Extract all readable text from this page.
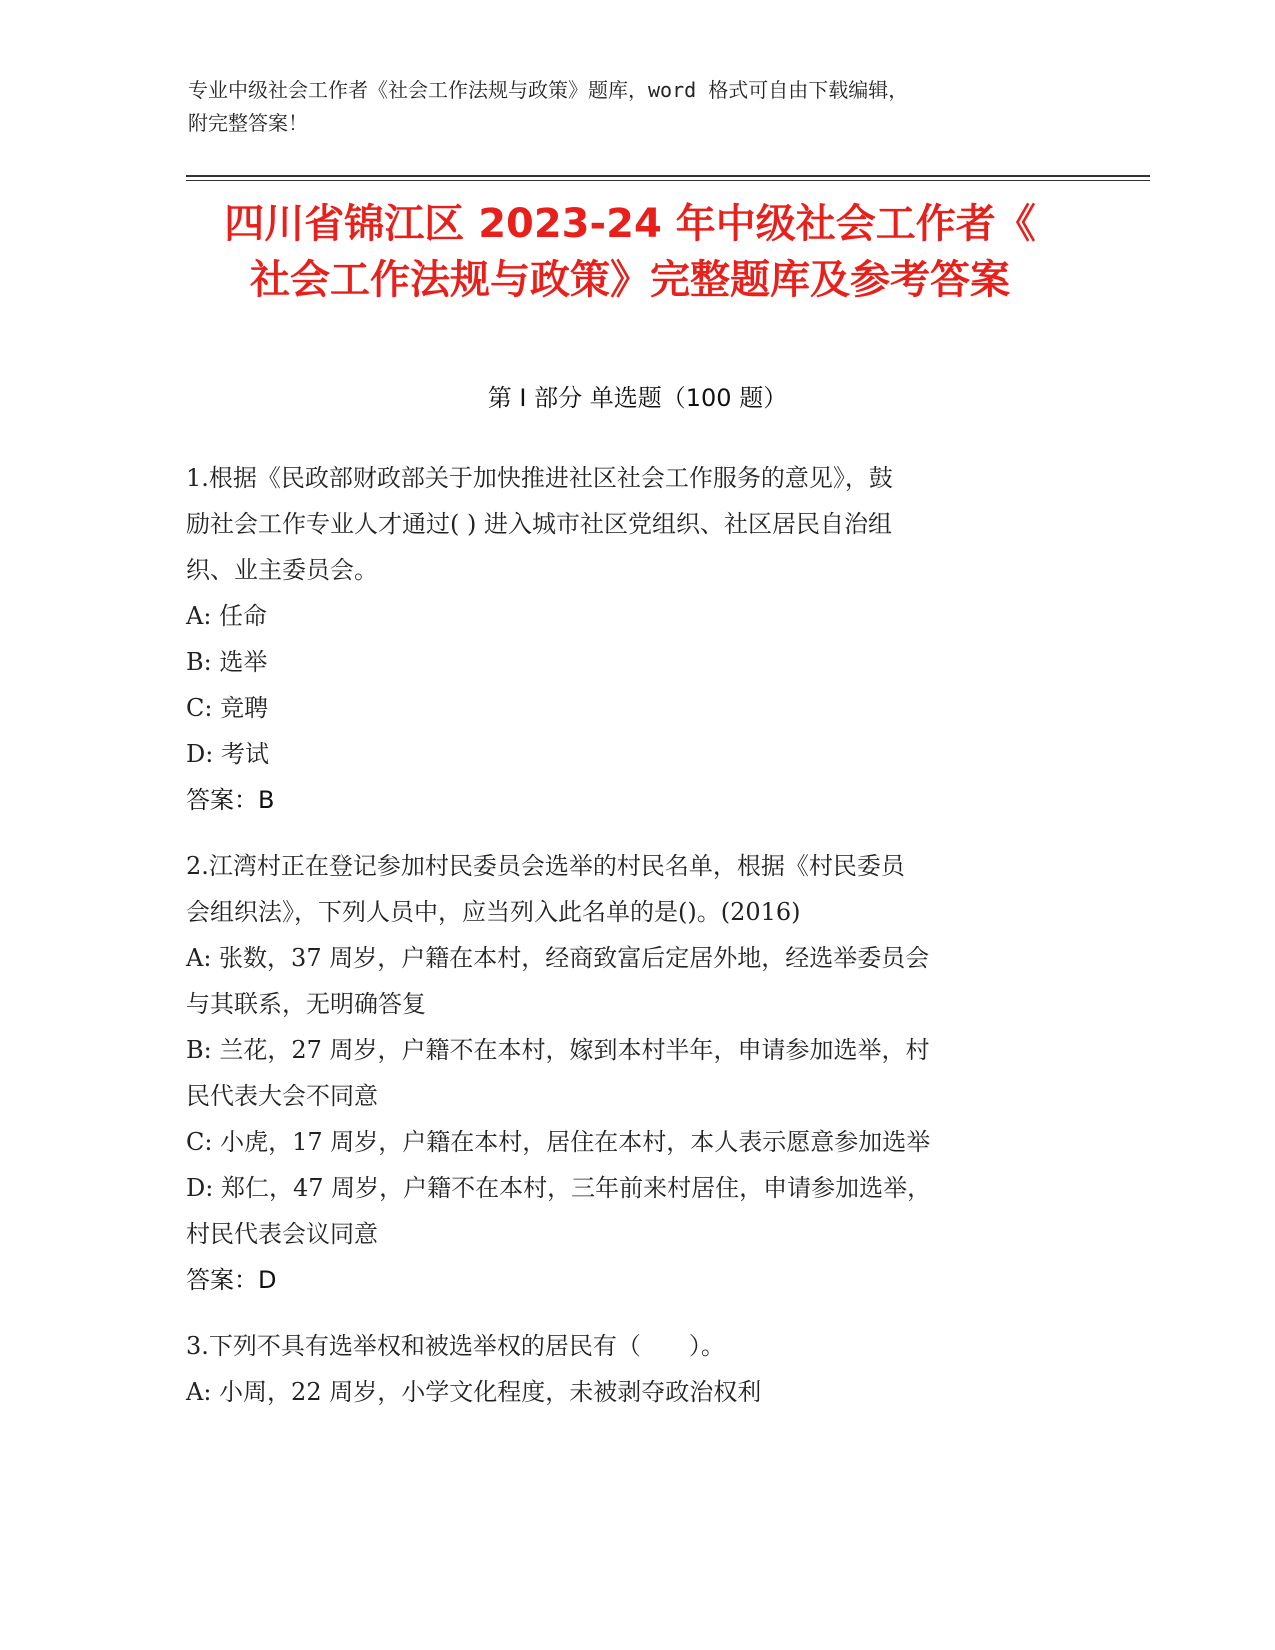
专业中级社会工作者《社会工作法规与政策》题库，word 格式可自由下载编辑，
附完整答案！
四川省锦江区 2023-24 年中级社会工作者《
社会工作法规与政策》完整题库及参考答案
第 I 部分 单选题（100 题）
1.根据《民政部财政部关于加快推进社区社会工作服务的意见》，鼓
励社会工作专业人才通过( ) 进入城市社区党组织、社区居民自治组
织、业主委员会。
A: 任命
B: 选举
C: 竞聘
D: 考试
答案：B
2.江湾村正在登记参加村民委员会选举的村民名单，根据《村民委员
会组织法》，下列人员中，应当列入此名单的是()。(2016)
A: 张数，37 周岁，户籍在本村，经商致富后定居外地，经选举委员会
与其联系，无明确答复
B: 兰花，27 周岁，户籍不在本村，嫁到本村半年，申请参加选举，村
民代表大会不同意
C: 小虎，17 周岁，户籍在本村，居住在本村，本人表示愿意参加选举
D: 郑仁，47 周岁，户籍不在本村，三年前来村居住，申请参加选举，
村民代表会议同意
答案：D
3.下列不具有选举权和被选举权的居民有（　　）。
A: 小周，22 周岁，小学文化程度，未被剥夺政治权利
